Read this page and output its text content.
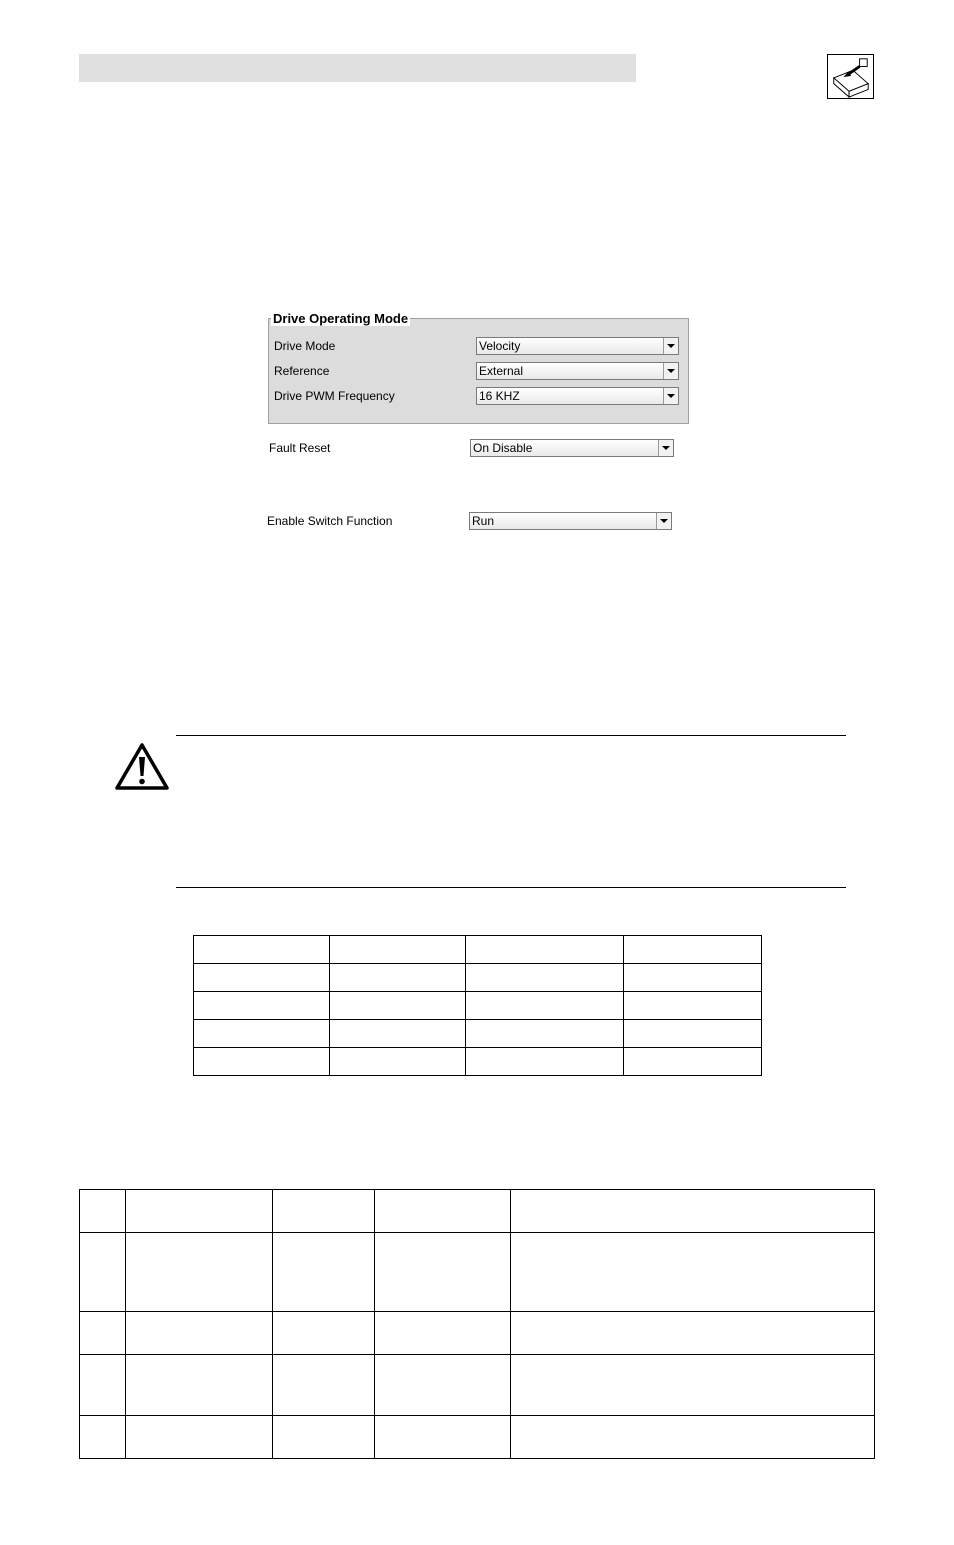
Drive Operating Mode
Drive Mode	Velocity
Reference	External
Drive PWM Frequency	16 KHZ
Fault Reset	On Disable
Enable Switch Function	Run
